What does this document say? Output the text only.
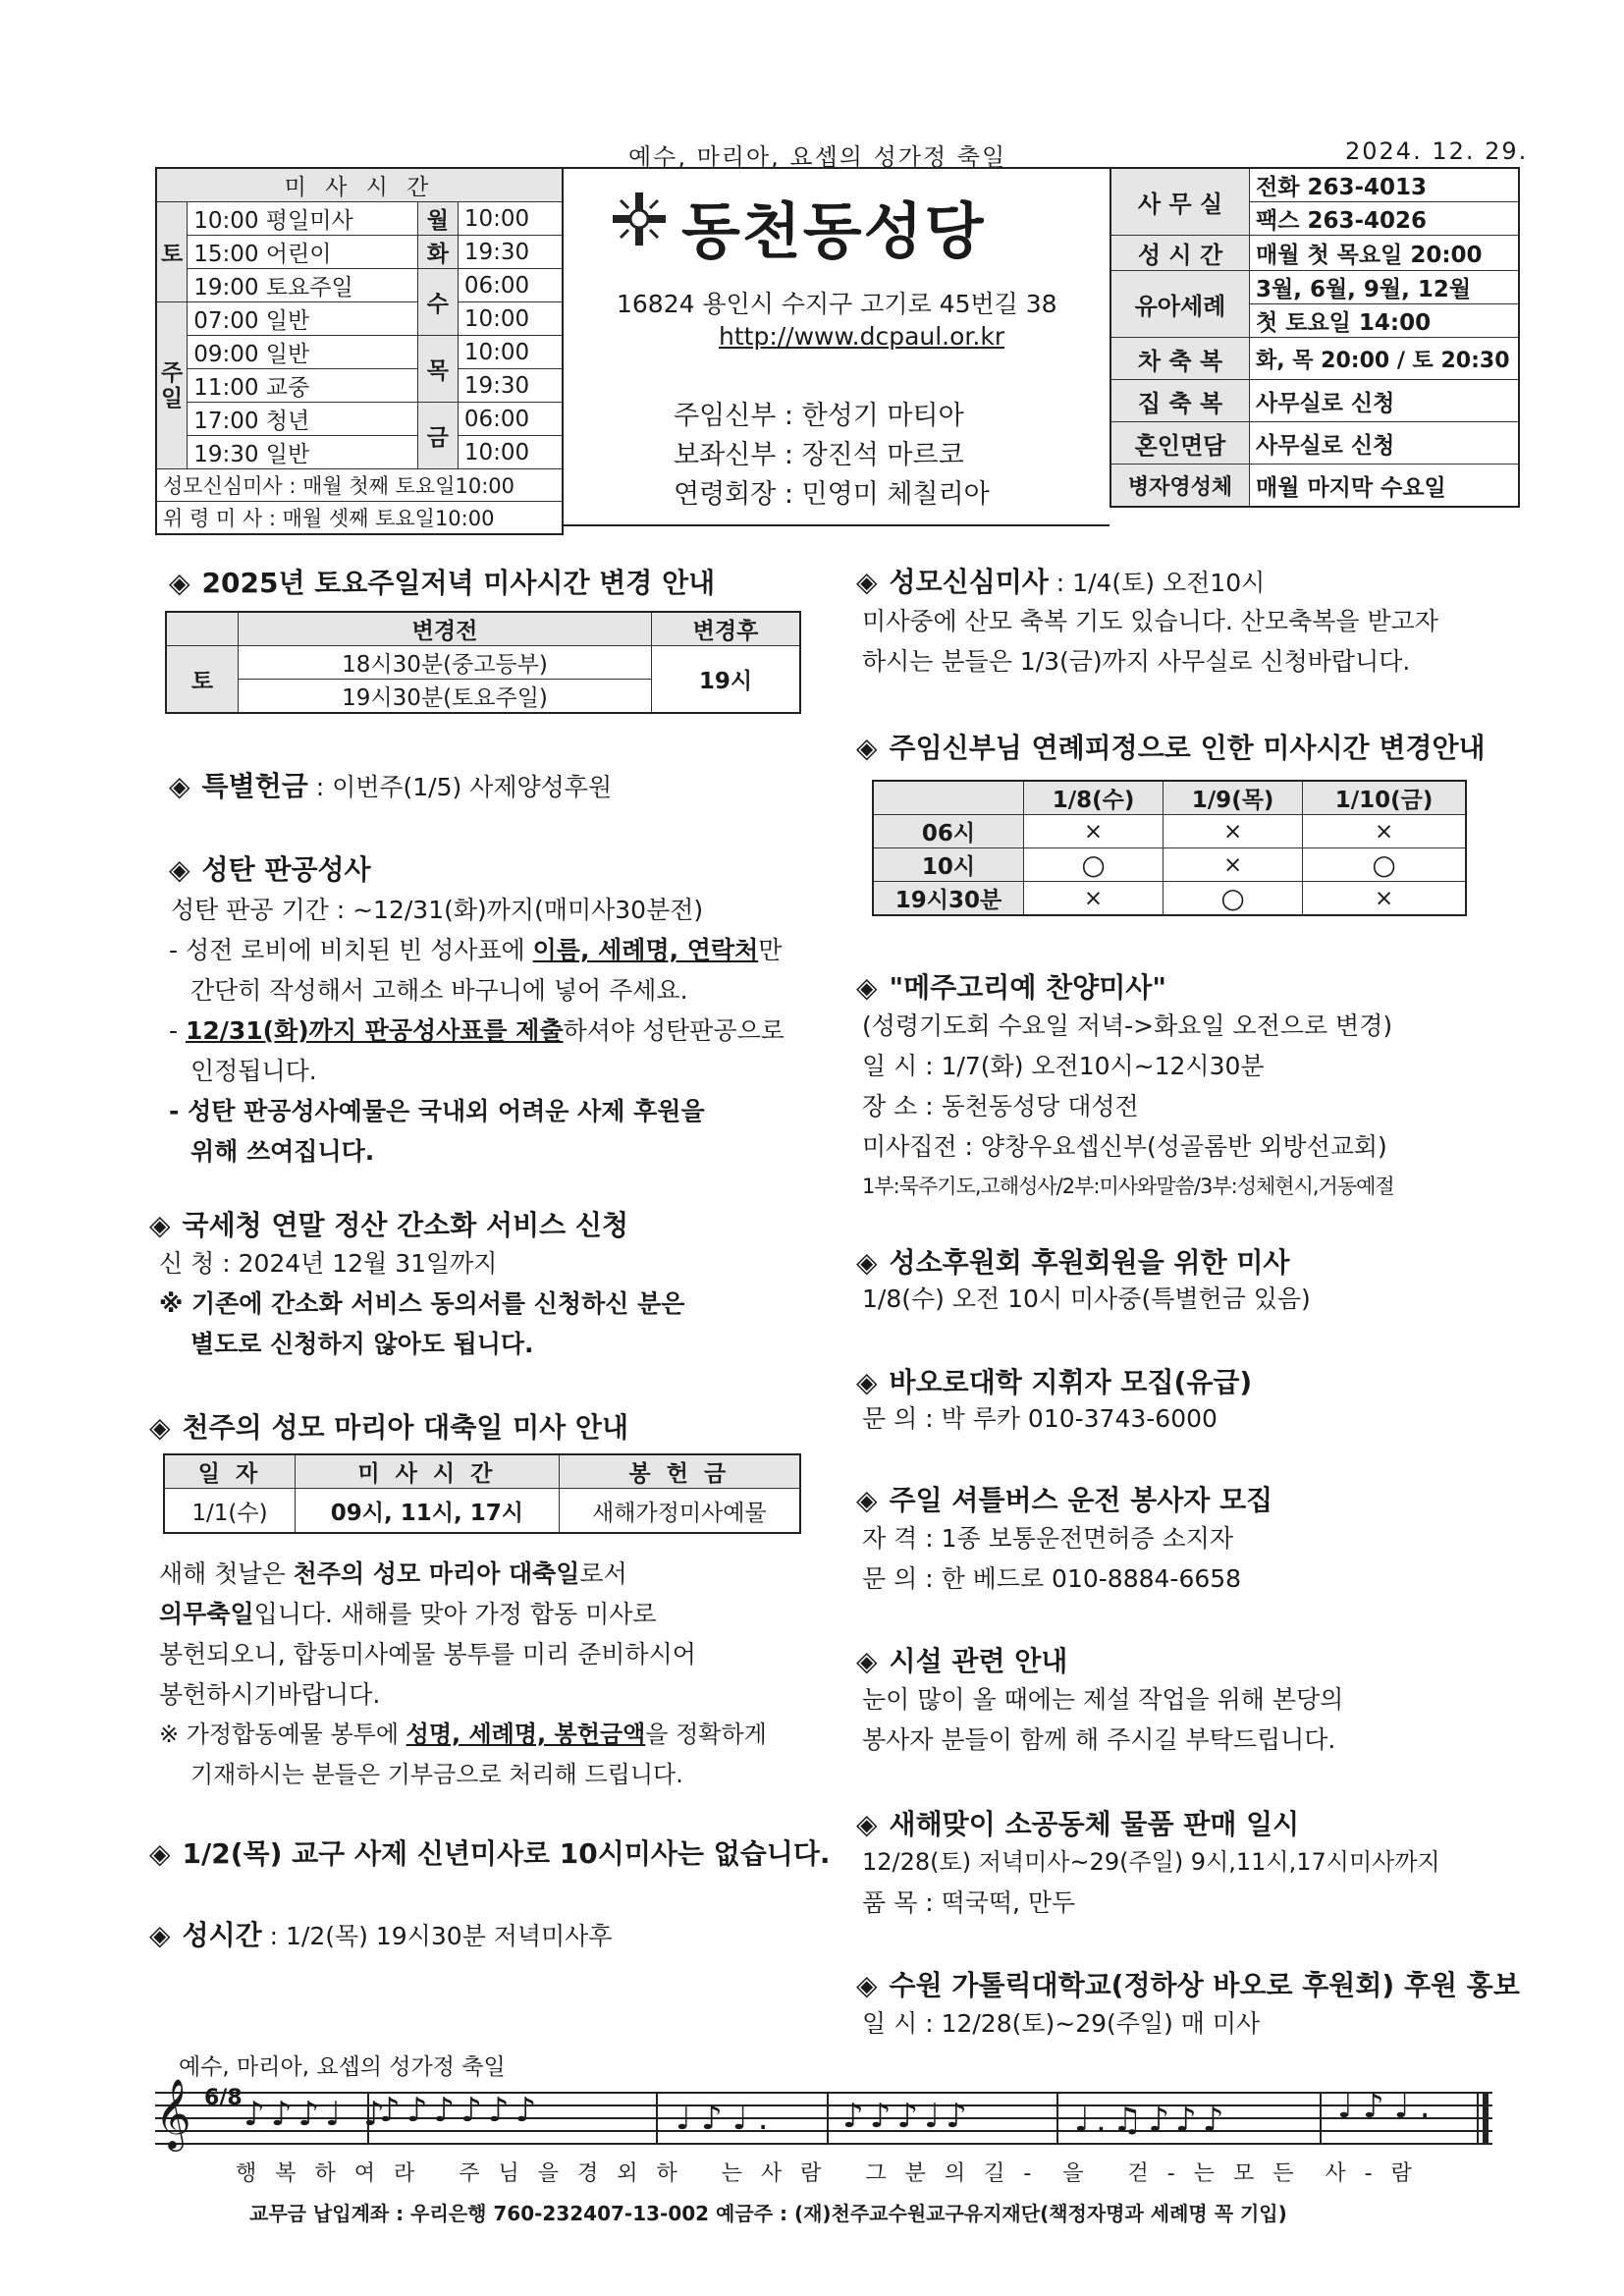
예수, 마리아, 요셉의 성가정 축일	2024. 12. 29.
미 사 시 간			
토	10:00 평일미사	월	10:00
	15:00 어린이	화	19:30
	19:00 토요주일	수	06:00
주일	07:00 일반		10:00
	09:00 일반	목	10:00
	11:00 교중		19:30
	17:00 청년	금	06:00
	19:30 일반		10:00
성모신심미사 : 매월 첫째 토요일10:00			
위 령 미 사 : 매월 셋째 토요일10:00			
동천동성당
16824 용인시 수지구 고기로 45번길 38
http://www.dcpaul.or.kr
주임신부 : 한성기 마티아
보좌신부 : 장진석 마르코
연령회장 : 민영미 체칠리아
사 무 실	전화 263-4013
	팩스 263-4026
성 시 간	매월 첫 목요일 20:00
유아세례	3월, 6월, 9월, 12월
	첫 토요일 14:00
차 축 복	화, 목 20:00 / 토 20:30
집 축 복	사무실로 신청
혼인면담	사무실로 신청
병자영성체	매월 마지막 수요일
◈ 2025년 토요주일저녁 미사시간 변경 안내
	변경전	변경후
토	18시30분(중고등부)	19시
	19시30분(토요주일)	
◈ 특별헌금 : 이번주(1/5) 사제양성후원
◈ 성탄 판공성사
성탄 판공 기간 : ~12/31(화)까지(매미사30분전)
- 성전 로비에 비치된 빈 성사표에 이름, 세례명, 연락처만
간단히 작성해서 고해소 바구니에 넣어 주세요.
- 12/31(화)까지 판공성사표를 제출하셔야 성탄판공으로
인정됩니다.
- 성탄 판공성사예물은 국내외 어려운 사제 후원을
위해 쓰여집니다.
◈ 국세청 연말 정산 간소화 서비스 신청
신 청 : 2024년 12월 31일까지
※ 기존에 간소화 서비스 동의서를 신청하신 분은
별도로 신청하지 않아도 됩니다.
◈ 천주의 성모 마리아 대축일 미사 안내
일 자	미 사 시 간	봉 헌 금
1/1(수)	09시, 11시, 17시	새해가정미사예물
새해 첫날은 천주의 성모 마리아 대축일로서
의무축일입니다. 새해를 맞아 가정 합동 미사로
봉헌되오니, 합동미사예물 봉투를 미리 준비하시어
봉헌하시기바랍니다.
※ 가정합동예물 봉투에 성명, 세례명, 봉헌금액을 정확하게
기재하시는 분들은 기부금으로 처리해 드립니다.
◈ 1/2(목) 교구 사제 신년미사로 10시미사는 없습니다.
◈ 성시간 : 1/2(목) 19시30분 저녁미사후
◈ 성모신심미사 : 1/4(토) 오전10시
미사중에 산모 축복 기도 있습니다. 산모축복을 받고자
하시는 분들은 1/3(금)까지 사무실로 신청바랍니다.
◈ 주임신부님 연례피정으로 인한 미사시간 변경안내
	1/8(수)	1/9(목)	1/10(금)
06시	×	×	×
10시	○	×	○
19시30분	×	○	×
◈ "메주고리예 찬양미사"
(성령기도회 수요일 저녁->화요일 오전으로 변경)
일 시 : 1/7(화) 오전10시~12시30분
장 소 : 동천동성당 대성전
미사집전 : 양창우요셉신부(성골롬반 외방선교회)
1부:묵주기도,고해성사/2부:미사와말씀/3부:성체현시,거동예절
◈ 성소후원회 후원회원을 위한 미사
1/8(수) 오전 10시 미사중(특별헌금 있음)
◈ 바오로대학 지휘자 모집(유급)
문 의 : 박 루카 010-3743-6000
◈ 주일 셔틀버스 운전 봉사자 모집
자 격 : 1종 보통운전면허증 소지자
문 의 : 한 베드로 010-8884-6658
◈ 시설 관련 안내
눈이 많이 올 때에는 제설 작업을 위해 본당의
봉사자 분들이 함께 해 주시길 부탁드립니다.
◈ 새해맞이 소공동체 물품 판매 일시
12/28(토) 저녁미사~29(주일) 9시,11시,17시미사까지
품 목 : 떡국떡, 만두
◈ 수원 가톨릭대학교(정하상 바오로 후원회) 후원 홍보
일 시 : 12/28(토)~29(주일) 매 미사
예수, 마리아, 요셉의 성가정 축일
𝄞 6/8 ♪♪♪♩ ♪
♪♪♪♪♪♪	♩♪♩. ♪♪♪♩♪	♩.♫♪♪♪	♩♪♩.
행 복 하 여 라   주 님 을 경 외 하   는 사 람   그 분 의 길 -  을   걷 - 는 모 든  사 - 람
교무금 납입계좌 : 우리은행 760-232407-13-002 예금주 : (재)천주교수원교구유지재단(책정자명과 세례명 꼭 기입)
